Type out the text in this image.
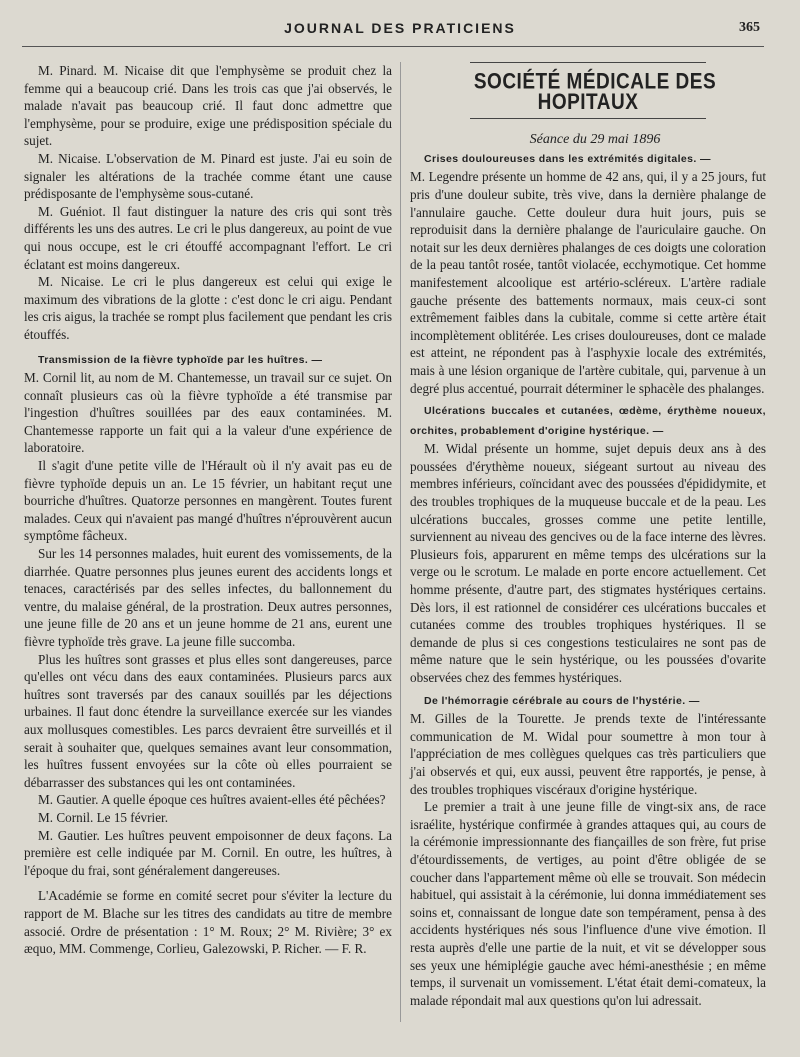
JOURNAL DES PRATICIENS	365

M. Pinard. M. Nicaise dit que l'emphysème se produit chez la femme qui a beaucoup crié. Dans les trois cas que j'ai observés, le malade n'avait pas beaucoup crié. Il faut donc admettre que l'emphysème, pour se produire, exige une prédisposition spéciale du sujet.

M. Nicaise. L'observation de M. Pinard est juste. J'ai eu soin de signaler les altérations de la trachée comme étant une cause prédisposante de l'emphysème sous-cutané.

M. Guéniot. Il faut distinguer la nature des cris qui sont très différents les uns des autres. Le cri le plus dangereux, au point de vue qui nous occupe, est le cri étouffé accompagnant l'effort. Le cri éclatant est moins dangereux.

M. Nicaise. Le cri le plus dangereux est celui qui exige le maximum des vibrations de la glotte : c'est donc le cri aigu. Pendant les cris aigus, la trachée se rompt plus facilement que pendant les cris étouffés.

Transmission de la fièvre typhoïde par les huîtres. —

M. Cornil lit, au nom de M. Chantemesse, un travail sur ce sujet. On connaît plusieurs cas où la fièvre typhoïde a été transmise par l'ingestion d'huîtres souillées par des eaux contaminées. M. Chantemesse rapporte un fait qui a la valeur d'une expérience de laboratoire.

Il s'agit d'une petite ville de l'Hérault où il n'y avait pas eu de fièvre typhoïde depuis un an. Le 15 février, un habitant reçut une bourriche d'huîtres. Quatorze personnes en mangèrent. Toutes furent malades. Ceux qui n'avaient pas mangé d'huîtres n'éprouvèrent aucun symptôme fâcheux.

Sur les 14 personnes malades, huit eurent des vomissements, de la diarrhée. Quatre personnes plus jeunes eurent des accidents longs et tenaces, caractérisés par des selles infectes, du ballonnement du ventre, du malaise général, de la prostration. Deux autres personnes, une jeune fille de 20 ans et un jeune homme de 21 ans, eurent une fièvre typhoïde très grave. La jeune fille succomba.

Plus les huîtres sont grasses et plus elles sont dangereuses, parce qu'elles ont vécu dans des eaux contaminées. Plusieurs parcs aux huîtres sont traversés par des canaux souillés par les déjections urbaines. Il faut donc étendre la surveillance exercée sur les viandes aux mollusques comestibles. Les parcs devraient être surveillés et il serait à souhaiter que, quelques semaines avant leur consommation, les huîtres fussent envoyées sur la côte où elles pourraient se débarrasser des substances qui les ont contaminées.

M. Gautier. A quelle époque ces huîtres avaient-elles été pêchées?

M. Cornil. Le 15 février.

M. Gautier. Les huîtres peuvent empoisonner de deux façons. La première est celle indiquée par M. Cornil. En outre, les huîtres, à l'époque du frai, sont généralement dangereuses.

L'Académie se forme en comité secret pour s'éviter la lecture du rapport de M. Blache sur les titres des candidats au titre de membre associé. Ordre de présentation : 1° M. Roux; 2° M. Rivière; 3° ex æquo, MM. Commenge, Corlieu, Galezowski, P. Richer. — F. R.

SOCIÉTÉ MÉDICALE DES HOPITAUX

Séance du 29 mai 1896

Crises douloureuses dans les extrémités digitales. —

M. Legendre présente un homme de 42 ans, qui, il y a 25 jours, fut pris d'une douleur subite, très vive, dans la dernière phalange de l'annulaire gauche. Cette douleur dura huit jours, puis se reproduisit dans la dernière phalange de l'auriculaire gauche. On notait sur les deux dernières phalanges de ces doigts une coloration de la peau tantôt rosée, tantôt violacée, ecchymotique. Cet homme manifestement alcoolique est artério-scléreux. L'artère radiale gauche présente des battements normaux, mais ceux-ci sont extrêmement faibles dans la cubitale, comme si cette artère était incomplètement oblitérée. Les crises douloureuses, dont ce malade est atteint, ne répondent pas à l'asphyxie locale des extrémités, mais à une lésion organique de l'artère cubitale, qui, parvenue à un degré plus accentué, pourrait déterminer le sphacèle des phalanges.

Ulcérations buccales et cutanées, œdème, érythème noueux, orchites, probablement d'origine hystérique. —

M. Widal présente un homme, sujet depuis deux ans à des poussées d'érythème noueux, siégeant surtout au niveau des membres inférieurs, coïncidant avec des poussées d'épididymite, et des troubles trophiques de la muqueuse buccale et de la peau. Les ulcérations buccales, grosses comme une petite lentille, surviennent au niveau des gencives ou de la face interne des lèvres. Plusieurs fois, apparurent en même temps des ulcérations sur la verge ou le scrotum. Le malade en porte encore actuellement. Cet homme présente, d'autre part, des stigmates hystériques certains. Dès lors, il est rationnel de considérer ces ulcérations buccales et cutanées comme des troubles trophiques hystériques. Il se demande de plus si ces congestions testiculaires ne sont pas de même nature que le sein hystérique, ou les poussées d'ovarite observées chez des femmes hystériques.

De l'hémorragie cérébrale au cours de l'hystérie. —

M. Gilles de la Tourette. Je prends texte de l'intéressante communication de M. Widal pour soumettre à mon tour à l'appréciation de mes collègues quelques cas très particuliers que j'ai observés et qui, eux aussi, peuvent être rapportés, je pense, à des troubles trophiques viscéraux d'origine hystérique.

Le premier a trait à une jeune fille de vingt-six ans, de race israélite, hystérique confirmée à grandes attaques qui, au cours de la cérémonie impressionnante des fiançailles de son frère, fut prise d'étourdissements, de vertiges, au point d'être obligée de se coucher dans l'appartement même où elle se trouvait. Son médecin habituel, qui assistait à la cérémonie, lui donna immédiatement ses soins et, connaissant de longue date son tempérament, pensa à des accidents hystériques nés sous l'influence d'une vive émotion. Il resta auprès d'elle une partie de la nuit, et vit se développer sous ses yeux une hémiplégie gauche avec hémi-anesthésie ; en même temps, il survenait un vomissement. L'état était demi-comateux, la malade répondait mal aux questions qu'on lui adressait.
